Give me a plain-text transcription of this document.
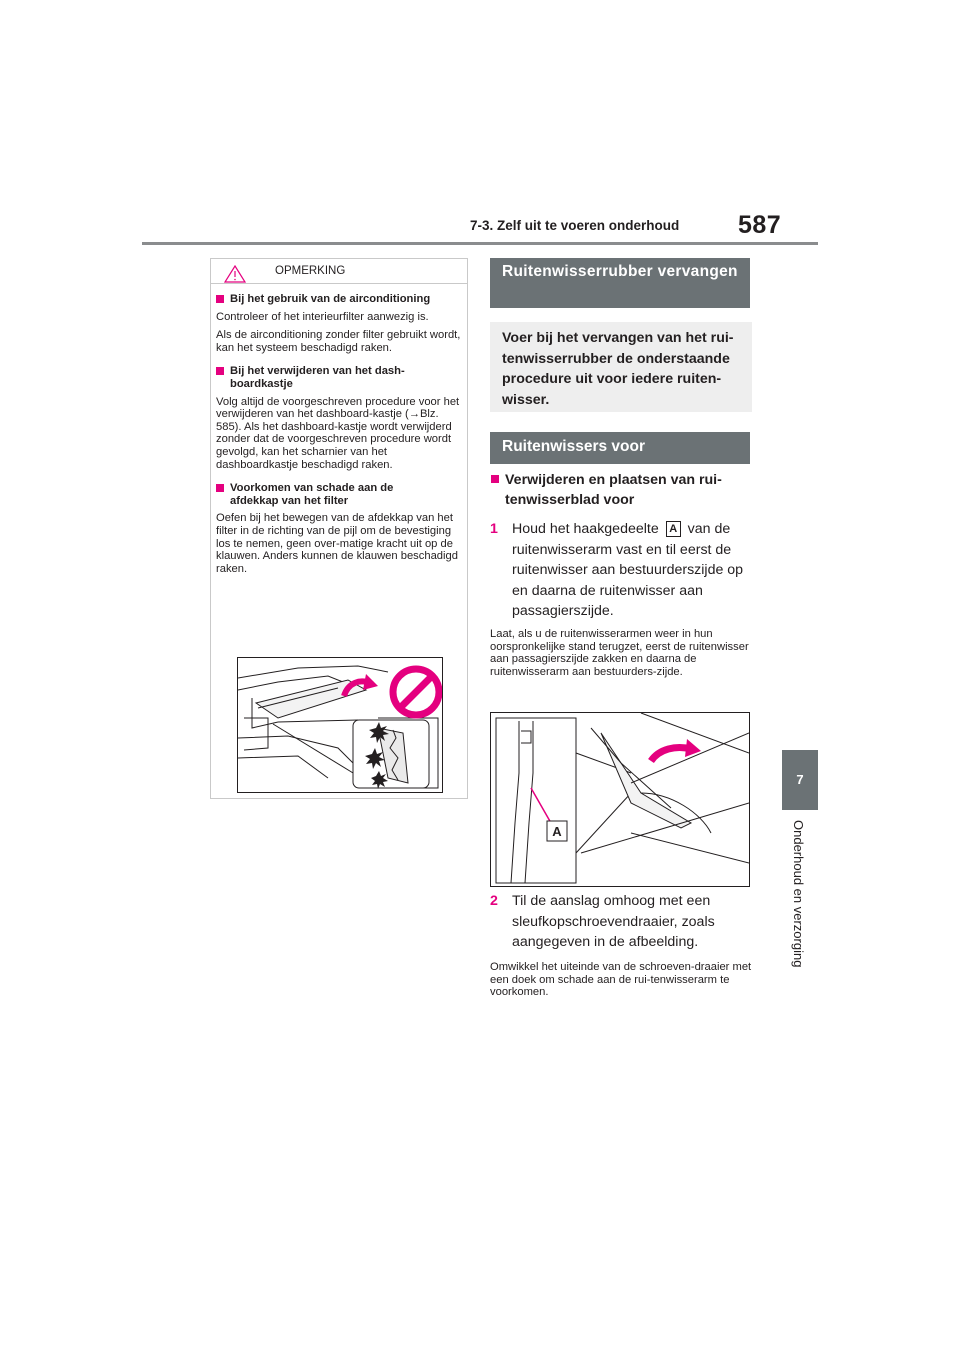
7-3. Zelf uit te voeren onderhoud 587
7
Onderhoud en verzorging
OPMERKING

Bij het gebruik van de airconditioning

Controleer of het interieurfilter aanwezig is.

Als de airconditioning zonder filter gebruikt wordt, kan het systeem beschadigd raken.

Bij het verwijderen van het dash-boardkastje

Volg altijd de voorgeschreven procedure voor het verwijderen van het dashboard-kastje (→Blz. 585). Als het dashboard-kastje wordt verwijderd zonder dat de voorgeschreven procedure wordt gevolgd, kan het scharnier van het dashboardkastje beschadigd raken.

Voorkomen van schade aan de afdekkap van het filter

Oefen bij het bewegen van de afdekkap van het filter in de richting van de pijl om de bevestiging los te nemen, geen over-matige kracht uit op de klauwen. Anders kunnen de klauwen beschadigd raken.

Ruitenwisserrubber vervangen
Voer bij het vervangen van het rui-tenwisserrubber de onderstaande procedure uit voor iedere ruiten-wisser.
Ruitenwissers voor
Verwijderen en plaatsen van rui-tenwisserblad voor
1 Houd het haakgedeelte A van de ruitenwisserarm vast en til eerst de ruitenwisser aan bestuurderszijde op en daarna de ruitenwisser aan passagierszijde.
Laat, als u de ruitenwisserarmen weer in hun oorspronkelijke stand terugzet, eerst de ruitenwisser aan passagierszijde zakken en daarna de ruitenwisserarm aan bestuurders-zijde.
A
2 Til de aanslag omhoog met een sleufkopschroevendraaier, zoals aangegeven in de afbeelding.
Omwikkel het uiteinde van de schroeven-draaier met een doek om schade aan de rui-tenwisserarm te voorkomen.
